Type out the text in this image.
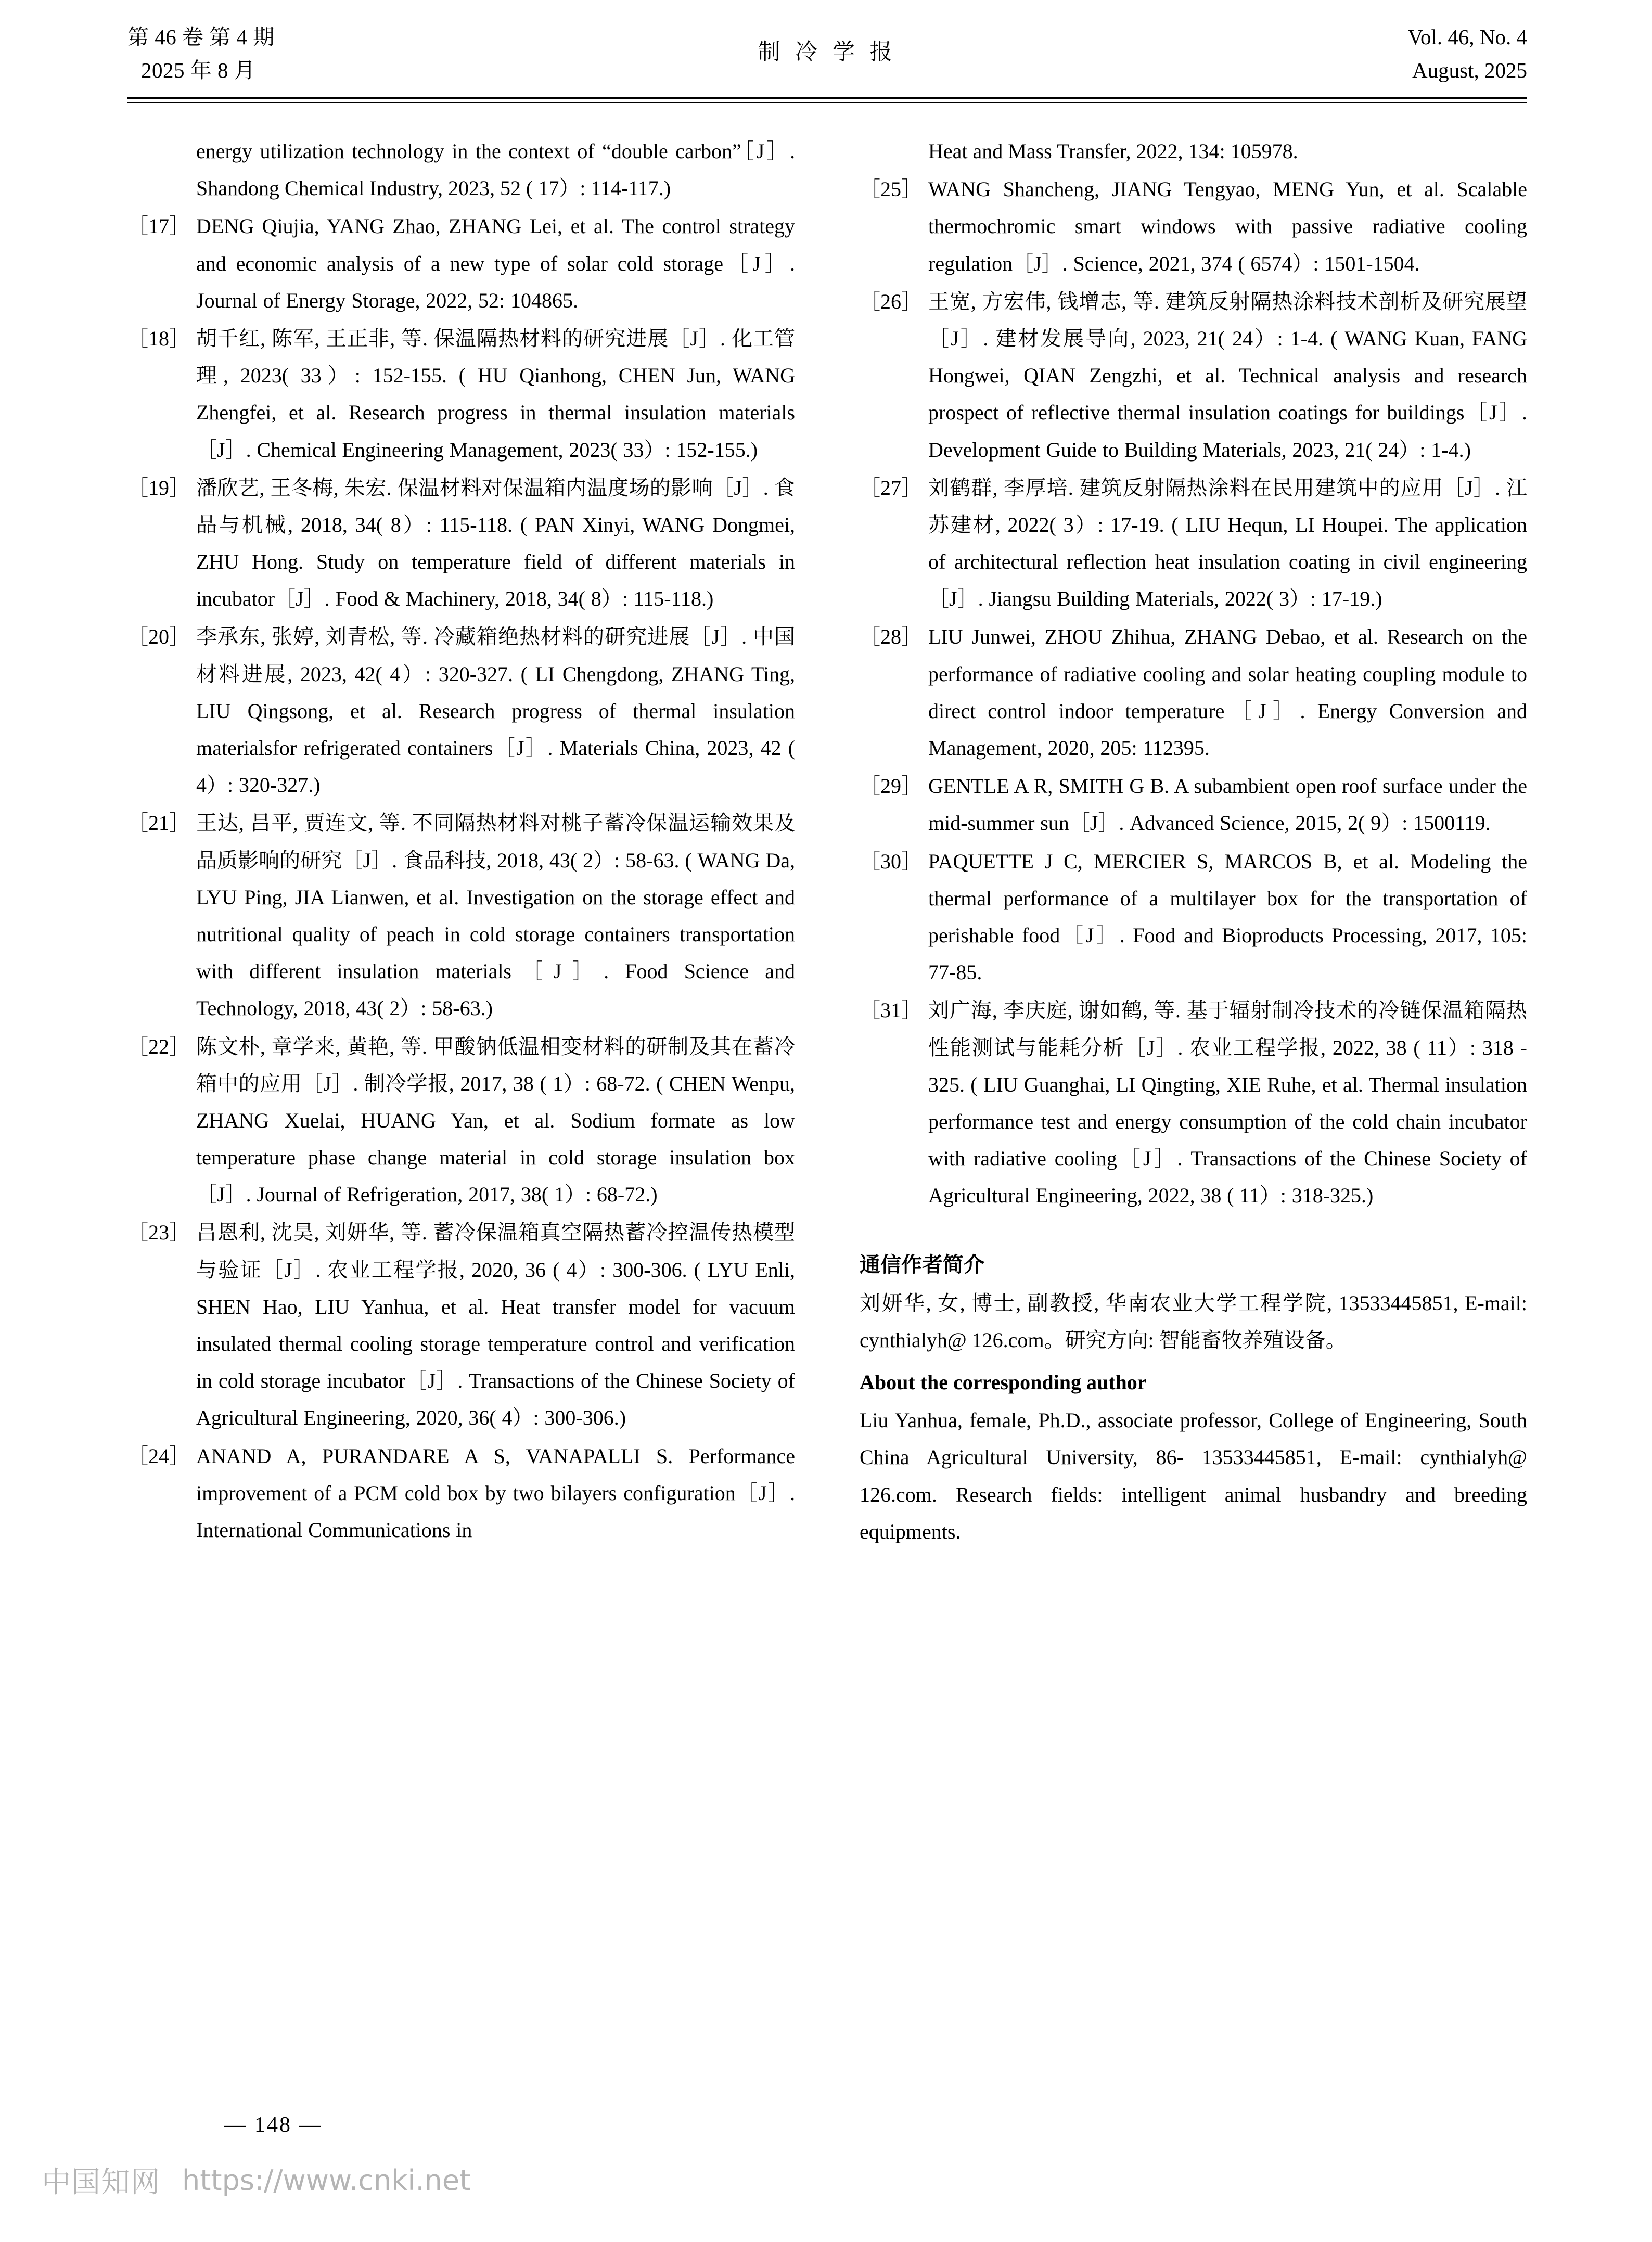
第 46 卷 第 4 期
2025 年 8 月
制 冷 学 报
Vol. 46, No. 4
August, 2025
energy utilization technology in the context of “double carbon”［J］. Shandong Chemical Industry, 2023, 52 ( 17）: 114-117.)
［17］ DENG Qiujia, YANG Zhao, ZHANG Lei, et al. The control strategy and economic analysis of a new type of solar cold storage［J］. Journal of Energy Storage, 2022, 52: 104865.
［18］ 胡千红, 陈军, 王正非, 等. 保温隔热材料的研究进展［J］. 化工管理, 2023( 33）: 152-155. ( HU Qianhong, CHEN Jun, WANG Zhengfei, et al. Research progress in thermal insulation materials［J］. Chemical Engineering Management, 2023( 33）: 152-155.)
［19］ 潘欣艺, 王冬梅, 朱宏. 保温材料对保温箱内温度场的影响［J］. 食品与机械, 2018, 34( 8）: 115-118. ( PAN Xinyi, WANG Dongmei, ZHU Hong. Study on temperature field of different materials in incubator［J］. Food & Machinery, 2018, 34( 8）: 115-118.)
［20］ 李承东, 张婷, 刘青松, 等. 冷藏箱绝热材料的研究进展［J］. 中国材料进展, 2023, 42( 4）: 320-327. ( LI Chengdong, ZHANG Ting, LIU Qingsong, et al. Research progress of thermal insulation materialsfor refrigerated containers［J］. Materials China, 2023, 42 ( 4）: 320-327.)
［21］ 王达, 吕平, 贾连文, 等. 不同隔热材料对桃子蓄冷保温运输效果及品质影响的研究［J］. 食品科技, 2018, 43( 2）: 58-63. ( WANG Da, LYU Ping, JIA Lianwen, et al. Investigation on the storage effect and nutritional quality of peach in cold storage containers transportation with different insulation materials［J］. Food Science and Technology, 2018, 43( 2）: 58-63.)
［22］ 陈文朴, 章学来, 黄艳, 等. 甲酸钠低温相变材料的研制及其在蓄冷箱中的应用［J］. 制冷学报, 2017, 38 ( 1）: 68-72. ( CHEN Wenpu, ZHANG Xuelai, HUANG Yan, et al. Sodium formate as low temperature phase change material in cold storage insulation box［J］. Journal of Refrigeration, 2017, 38( 1）: 68-72.)
［23］ 吕恩利, 沈昊, 刘妍华, 等. 蓄冷保温箱真空隔热蓄冷控温传热模型与验证［J］. 农业工程学报, 2020, 36 ( 4）: 300-306. ( LYU Enli, SHEN Hao, LIU Yanhua, et al. Heat transfer model for vacuum insulated thermal cooling storage temperature control and verification in cold storage incubator［J］. Transactions of the Chinese Society of Agricultural Engineering, 2020, 36( 4）: 300-306.)
［24］ ANAND A, PURANDARE A S, VANAPALLI S. Performance improvement of a PCM cold box by two bilayers configuration［J］. International Communications in
Heat and Mass Transfer, 2022, 134: 105978.
［25］ WANG Shancheng, JIANG Tengyao, MENG Yun, et al. Scalable thermochromic smart windows with passive radiative cooling regulation［J］. Science, 2021, 374 ( 6574）: 1501-1504.
［26］ 王宽, 方宏伟, 钱增志, 等. 建筑反射隔热涂料技术剖析及研究展望［J］. 建材发展导向, 2023, 21( 24）: 1-4. ( WANG Kuan, FANG Hongwei, QIAN Zengzhi, et al. Technical analysis and research prospect of reflective thermal insulation coatings for buildings［J］. Development Guide to Building Materials, 2023, 21( 24）: 1-4.)
［27］ 刘鹤群, 李厚培. 建筑反射隔热涂料在民用建筑中的应用［J］. 江苏建材, 2022( 3）: 17-19. ( LIU Hequn, LI Houpei. The application of architectural reflection heat insulation coating in civil engineering［J］. Jiangsu Building Materials, 2022( 3）: 17-19.)
［28］ LIU Junwei, ZHOU Zhihua, ZHANG Debao, et al. Research on the performance of radiative cooling and solar heating coupling module to direct control indoor temperature［J］. Energy Conversion and Management, 2020, 205: 112395.
［29］ GENTLE A R, SMITH G B. A subambient open roof surface under the mid-summer sun［J］. Advanced Science, 2015, 2( 9）: 1500119.
［30］ PAQUETTE J C, MERCIER S, MARCOS B, et al. Modeling the thermal performance of a multilayer box for the transportation of perishable food［J］. Food and Bioproducts Processing, 2017, 105: 77-85.
［31］ 刘广海, 李庆庭, 谢如鹤, 等. 基于辐射制冷技术的冷链保温箱隔热性能测试与能耗分析［J］. 农业工程学报, 2022, 38 ( 11）: 318 - 325. ( LIU Guanghai, LI Qingting, XIE Ruhe, et al. Thermal insulation performance test and energy consumption of the cold chain incubator with radiative cooling［J］. Transactions of the Chinese Society of Agricultural Engineering, 2022, 38 ( 11）: 318-325.)
通信作者简介
刘妍华, 女, 博士, 副教授, 华南农业大学工程学院, 13533445851, E-mail: cynthialyh@ 126.com。研究方向: 智能畜牧养殖设备。
About the corresponding author
Liu Yanhua, female, Ph.D., associate professor, College of Engineering, South China Agricultural University, 86- 13533445851, E-mail: cynthialyh@ 126.com. Research fields: intelligent animal husbandry and breeding equipments.
— 148 —
中国知网 https://www.cnki.net
